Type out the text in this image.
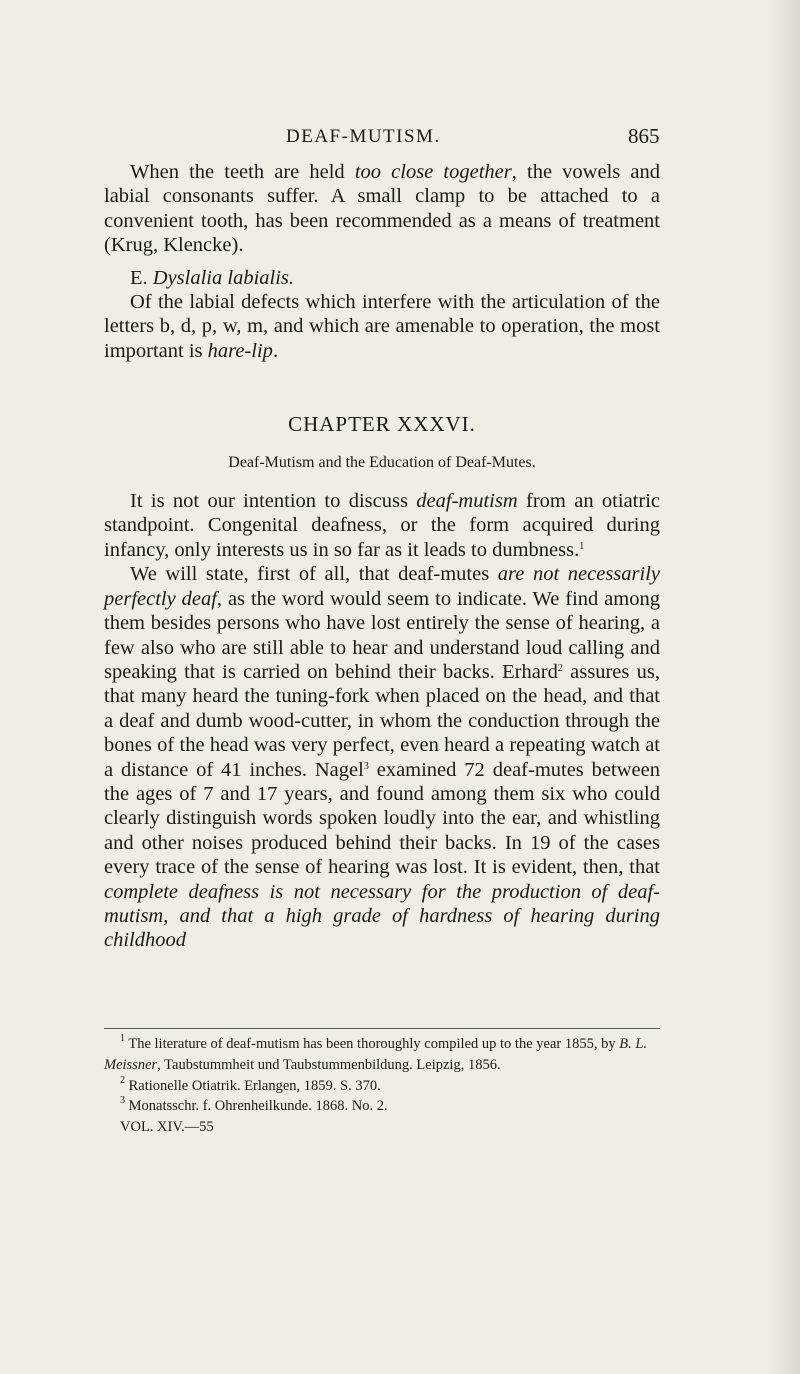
DEAF-MUTISM.	865

When the teeth are held too close together, the vowels and labial consonants suffer. A small clamp to be attached to a convenient tooth, has been recommended as a means of treatment (Krug, Klencke).

E. Dyslalia labialis.

Of the labial defects which interfere with the articulation of the letters b, d, p, w, m, and which are amenable to operation, the most important is hare-lip.

CHAPTER XXXVI.

Deaf-Mutism and the Education of Deaf-Mutes.

It is not our intention to discuss deaf-mutism from an otiatric standpoint. Congenital deafness, or the form acquired during infancy, only interests us in so far as it leads to dumbness.$^1$

We will state, first of all, that deaf-mutes are not necessarily perfectly deaf, as the word would seem to indicate. We find among them besides persons who have lost entirely the sense of hearing, a few also who are still able to hear and understand loud calling and speaking that is carried on behind their backs. Erhard$^2$ assures us, that many heard the tuning-fork when placed on the head, and that a deaf and dumb wood-cutter, in whom the conduction through the bones of the head was very perfect, even heard a repeating watch at a distance of 41 inches. Nagel$^3$ examined 72 deaf-mutes between the ages of 7 and 17 years, and found among them six who could clearly distinguish words spoken loudly into the ear, and whistling and other noises produced behind their backs. In 19 of the cases every trace of the sense of hearing was lost. It is evident, then, that complete deafness is not necessary for the production of deaf-mutism, and that a high grade of hardness of hearing during childhood

$^1$ The literature of deaf-mutism has been thoroughly compiled up to the year 1855, by B. L. Meissner, Taubstummheit und Taubstummenbildung. Leipzig, 1856.

$^2$ Rationelle Otiatrik. Erlangen, 1859. S. 370.

$^3$ Monatsschr. f. Ohrenheilkunde. 1868. No. 2.

VOL. XIV.—55
